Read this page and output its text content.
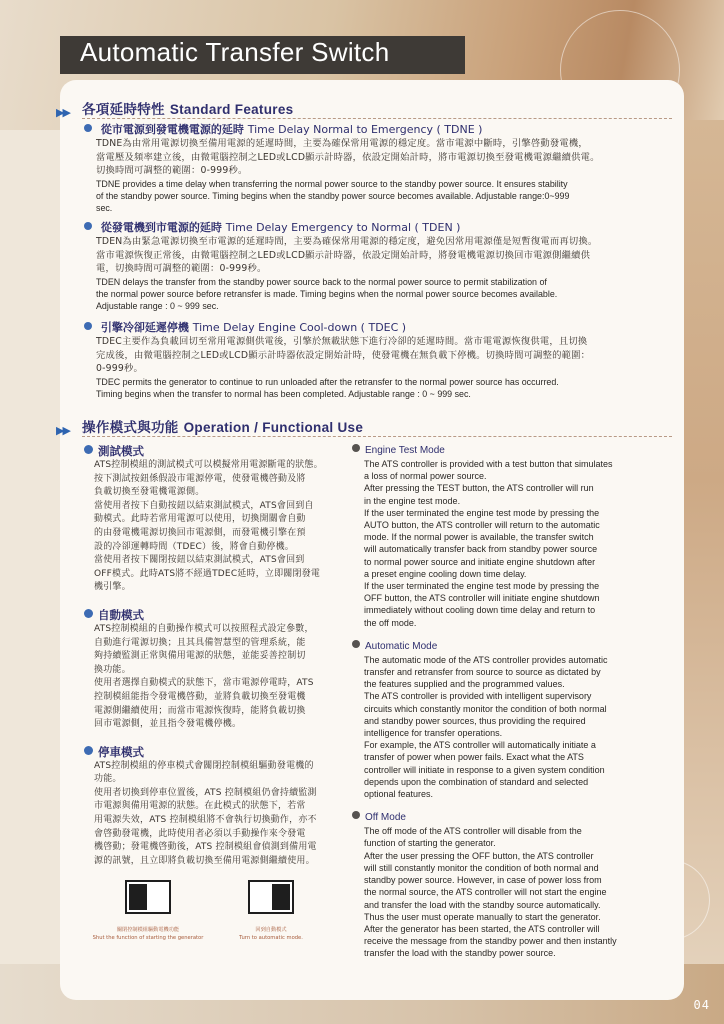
Automatic Transfer Switch
▶▶ 各項延時特性 Standard Features
從市電源到發電機電源的延時 Time Delay Normal to Emergency ( TDNE )
TDNE為由常用電源切換至備用電源的延遲時間，主要為確保常用電源的穩定度。當市電源中斷時，引擎啓動發電機，
當電壓及頻率建立後，由微電腦控制之LED或LCD顯示計時器，依設定開始計時，將市電源切換至發電機電源繼續供電。
切換時間可調整的範圍：0-999秒。
TDNE provides a time delay when transferring the normal power source to the standby power source. It ensures stability
of the standby power source. Timing begins when the standby power source becomes available. Adjustable range:0~999
sec.
從發電機到市電源的延時 Time Delay Emergency to Normal ( TDEN )
TDEN為由緊急電源切換至市電源的延遲時間，主要為確保常用電源的穩定度，避免因常用電源僅是短暫復電而再切換。
當市電源恢復正常後，由微電腦控制之LED或LCD顯示計時器，依設定開始計時，將發電機電源切換回市電源側繼續供
電，切換時間可調整的範圍：0-999秒。
TDEN delays the transfer from the standby power source back to the normal power source to permit stabilization of
the normal power source before retransfer is made. Timing begins when the normal power source becomes available.
Adjustable range : 0 ~ 999 sec.
引擎冷卻延遲停機 Time Delay Engine Cool-down ( TDEC )
TDEC主要作為負載回切至常用電源側供電後，引擎於無載狀態下進行冷卻的延遲時間。當市電電源恢復供電，且切換
完成後，由微電腦控制之LED或LCD顯示計時器依設定開始計時，使發電機在無負載下停機。切換時間可調整的範圍：
0-999秒。
TDEC permits the generator to continue to run unloaded after the retransfer to the normal power source has occurred.
Timing begins when the transfer to normal has been completed. Adjustable range : 0 ~ 999 sec.
▶▶ 操作模式與功能 Operation / Functional Use
測試模式
ATS控制模組的測試模式可以模擬常用電源斷電的狀態。
按下測試按鈕係假設市電源停電，使發電機啓動及將
負載切換至發電機電源側。
當使用者按下自動按鈕以結束測試模式，ATS會回到自
動模式。此時若常用電源可以使用，切換開關會自動
的由發電機電源切換回市電源側，而發電機引擎在預
設的冷卻運轉時間（TDEC）後，將會自動停機。
當使用者按下關閉按鈕以結束測試模式，ATS會回到
OFF模式。此時ATS將不經過TDEC延時，立即關閉發電
機引擎。
自動模式
ATS控制模組的自動操作模式可以按照程式設定參數，
自動進行電源切換；且其具備智慧型的管理系統，能
夠持續監測正常與備用電源的狀態，並能妥善控制切
換功能。
使用者選擇自動模式的狀態下，當市電源停電時，ATS
控制模組能指令發電機啓動，並將負載切換至發電機
電源側繼續使用；而當市電源恢復時，能將負載切換
回市電源側，並且指令發電機停機。
停車模式
ATS控制模組的停車模式會關閉控制模組驅動發電機的
功能。
使用者切換到停車位置後，ATS 控制模組仍會持續監測
市電源與備用電源的狀態。在此模式的狀態下，若常
用電源失效，ATS 控制模組將不會執行切換動作，亦不
會啓動發電機，此時使用者必須以手動操作來令發電
機啓動；發電機啓動後，ATS 控制模組會偵測到備用電
源的訊號，且立即將負載切換至備用電源側繼續使用。
Engine Test Mode
The ATS controller is provided with a test button that simulates
a loss of normal power source.
After pressing the TEST button, the ATS controller will run
in the engine test mode.
If the user terminated the engine test mode by pressing the
AUTO button, the ATS controller will return to the automatic
mode. If the normal power is available, the transfer switch
will automatically transfer back from standby power source
to normal power source and initiate engine shutdown after
a preset engine cooling down time delay.
If the user terminated the engine test mode by pressing the
OFF button, the ATS controller will initiate engine shutdown
immediately without cooling down time delay and return to
the off mode.
Automatic Mode
The automatic mode of the ATS controller provides automatic
transfer and retransfer from source to source as dictated by
the features supplied and the programmed values.
The ATS controller is provided with intelligent supervisory
circuits which constantly monitor the condition of both normal
and standby power sources, thus providing the required
intelligence for transfer operations.
For example, the ATS controller will automatically initiate a
transfer of power when power fails. Exact what the ATS
controller will initiate in response to a given system condition
depends upon the combination of standard and selected
optional features.
Off Mode
The off mode of the ATS controller will disable from the
function of starting the generator.
After the user pressing the OFF button, the ATS controller
will still constantly monitor the condition of both normal and
standby power source. However, in case of power loss from
the normal source, the ATS controller will not start the engine
and transfer the load with the standby source automatically.
Thus the user must operate manually to start the generator.
After the generator has been started, the ATS controller will
receive the message from the standby power and then instantly
transfer the load with the standby power source.
關閉控制模組驅動電機功能
Shut the function of starting the generator
回到自動模式
Turn to automatic mode.
04
